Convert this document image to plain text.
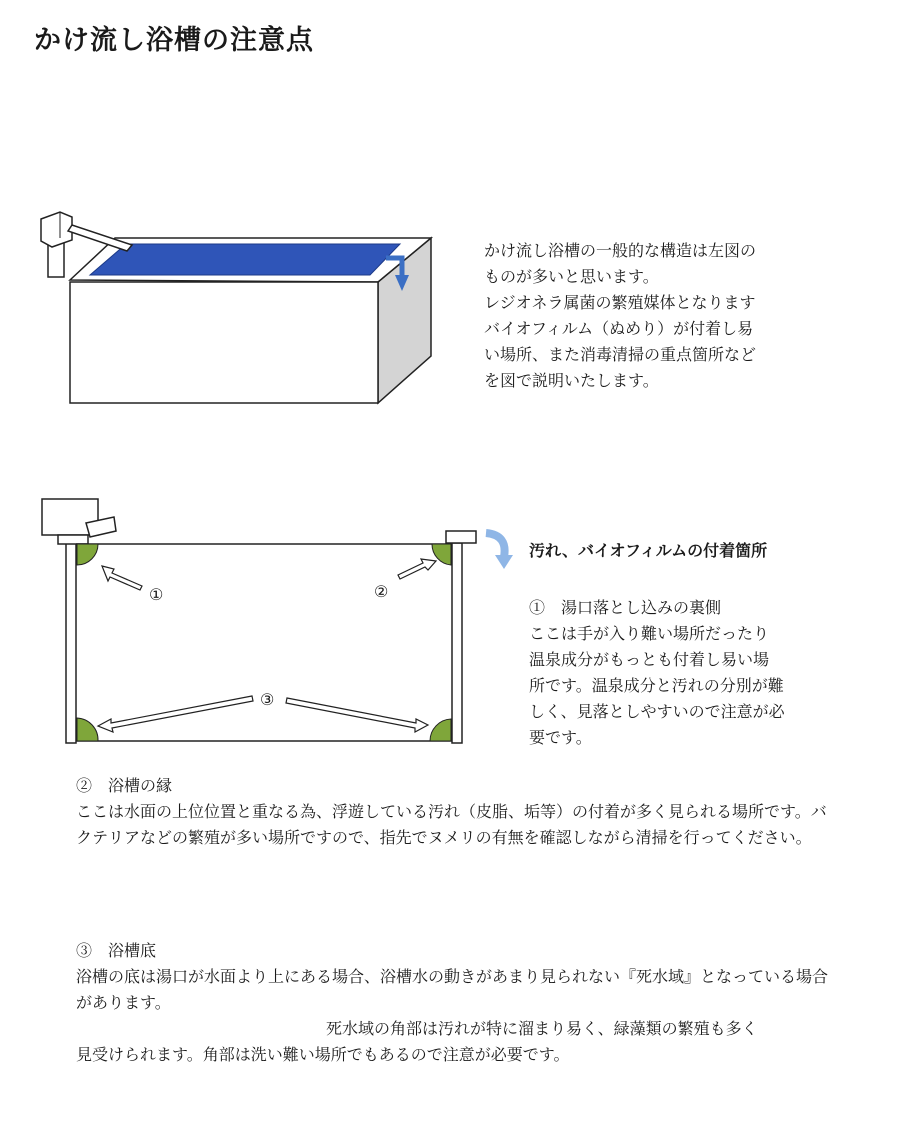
かけ流し浴槽の注意点
かけ流し浴槽の一般的な構造は左図の
ものが多いと思います。
レジオネラ属菌の繁殖媒体となります
バイオフィルム（ぬめり）が付着し易
い場所、また消毒清掃の重点箇所など
を図で説明いたします。
①	②
③

汚れ、バイオフィルムの付着箇所

①　湯口落とし込みの裏側
ここは手が入り難い場所だったり
温泉成分がもっとも付着し易い場
所です。温泉成分と汚れの分別が難
しく、見落としやすいので注意が必
要です。
②　浴槽の縁
ここは水面の上位位置と重なる為、浮遊している汚れ（皮脂、垢等）の付着が多く見られる場所です。バクテリアなどの繁殖が多い場所ですので、指先でヌメリの有無を確認しながら清掃を行ってください。
③　浴槽底
浴槽の底は湯口が水面より上にある場合、浴槽水の動きがあまり見られない『死水域』となっている場合があります。
死水域の角部は汚れが特に溜まり易く、緑藻類の繁殖も多く
見受けられます。角部は洗い難い場所でもあるので注意が必要です。
